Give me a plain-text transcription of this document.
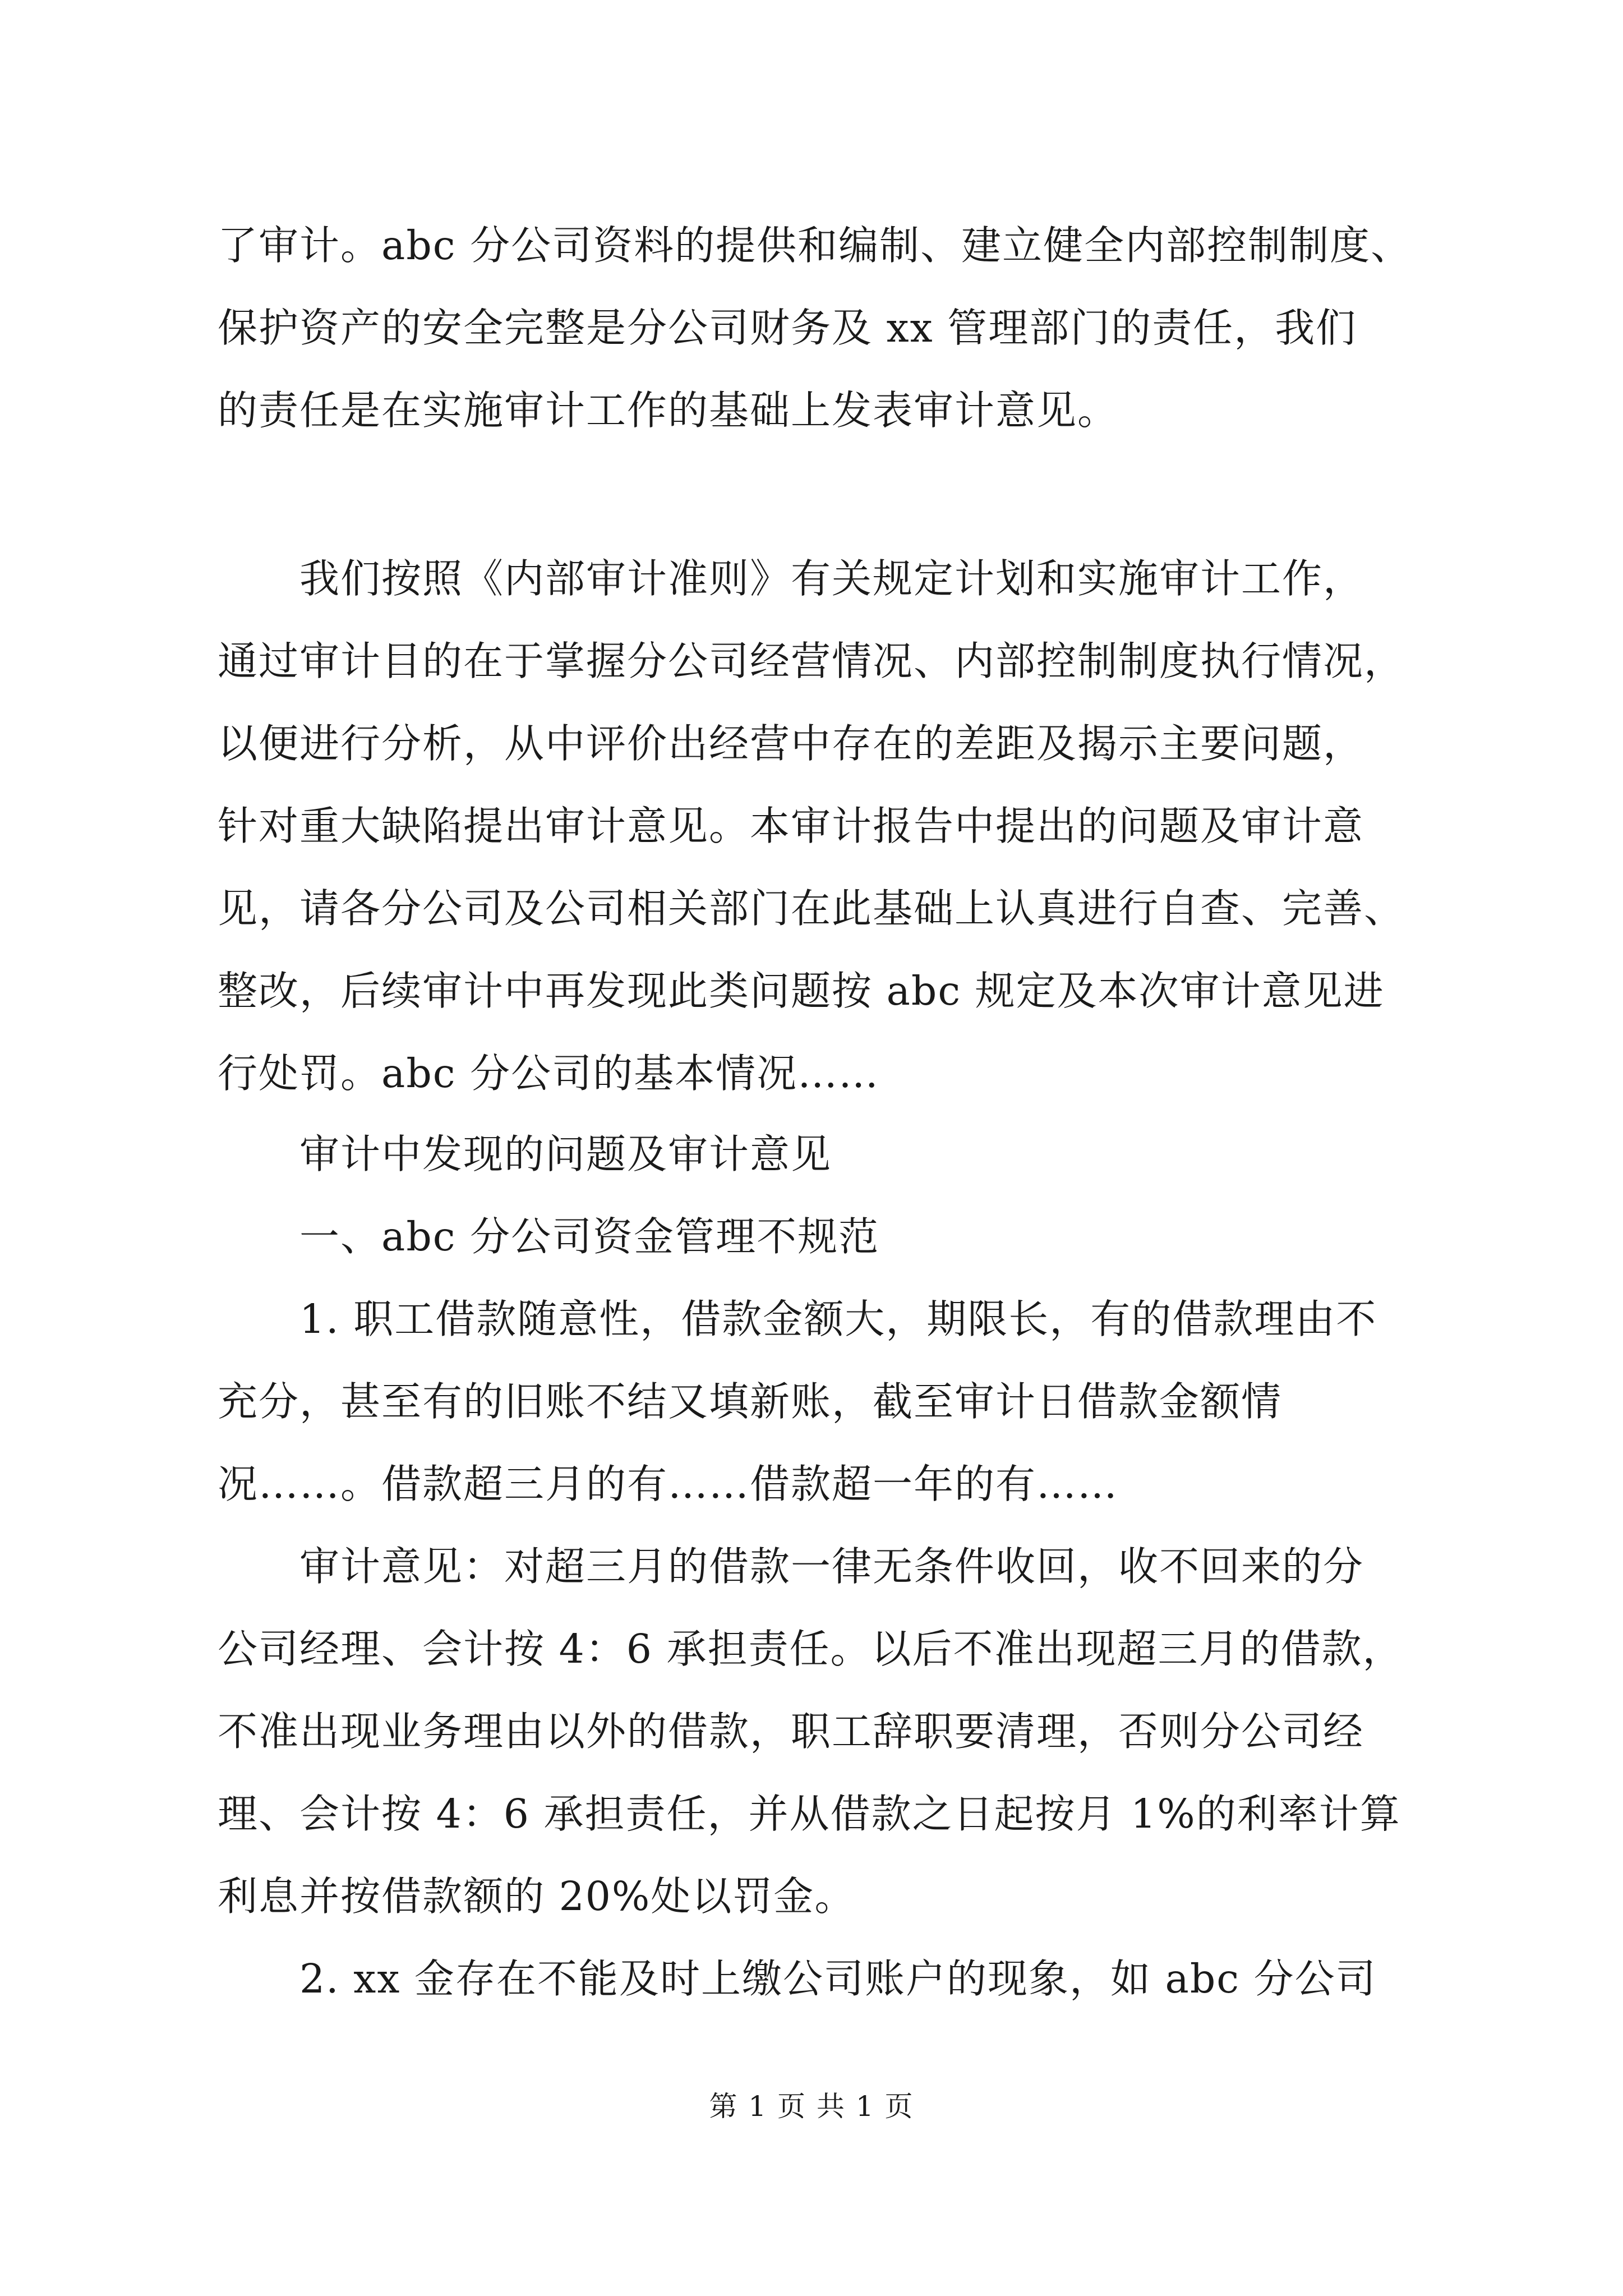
了审计。abc 分公司资料的提供和编制、建立健全内部控制制度、
保护资产的安全完整是分公司财务及 xx 管理部门的责任，我们
的责任是在实施审计工作的基础上发表审计意见。
　　我们按照《内部审计准则》有关规定计划和实施审计工作，
通过审计目的在于掌握分公司经营情况、内部控制制度执行情况，
以便进行分析，从中评价出经营中存在的差距及揭示主要问题，
针对重大缺陷提出审计意见。本审计报告中提出的问题及审计意
见，请各分公司及公司相关部门在此基础上认真进行自查、完善、
整改，后续审计中再发现此类问题按 abc 规定及本次审计意见进
行处罚。abc 分公司的基本情况……
　　审计中发现的问题及审计意见
　　一、abc 分公司资金管理不规范
　　1. 职工借款随意性，借款金额大，期限长，有的借款理由不
充分，甚至有的旧账不结又填新账，截至审计日借款金额情
况……。借款超三月的有……借款超一年的有……
　　审计意见：对超三月的借款一律无条件收回，收不回来的分
公司经理、会计按 4：6 承担责任。以后不准出现超三月的借款，
不准出现业务理由以外的借款，职工辞职要清理，否则分公司经
理、会计按 4：6 承担责任，并从借款之日起按月 1%的利率计算
利息并按借款额的 20%处以罚金。
　　2. xx 金存在不能及时上缴公司账户的现象，如 abc 分公司
第 1 页 共 1 页
